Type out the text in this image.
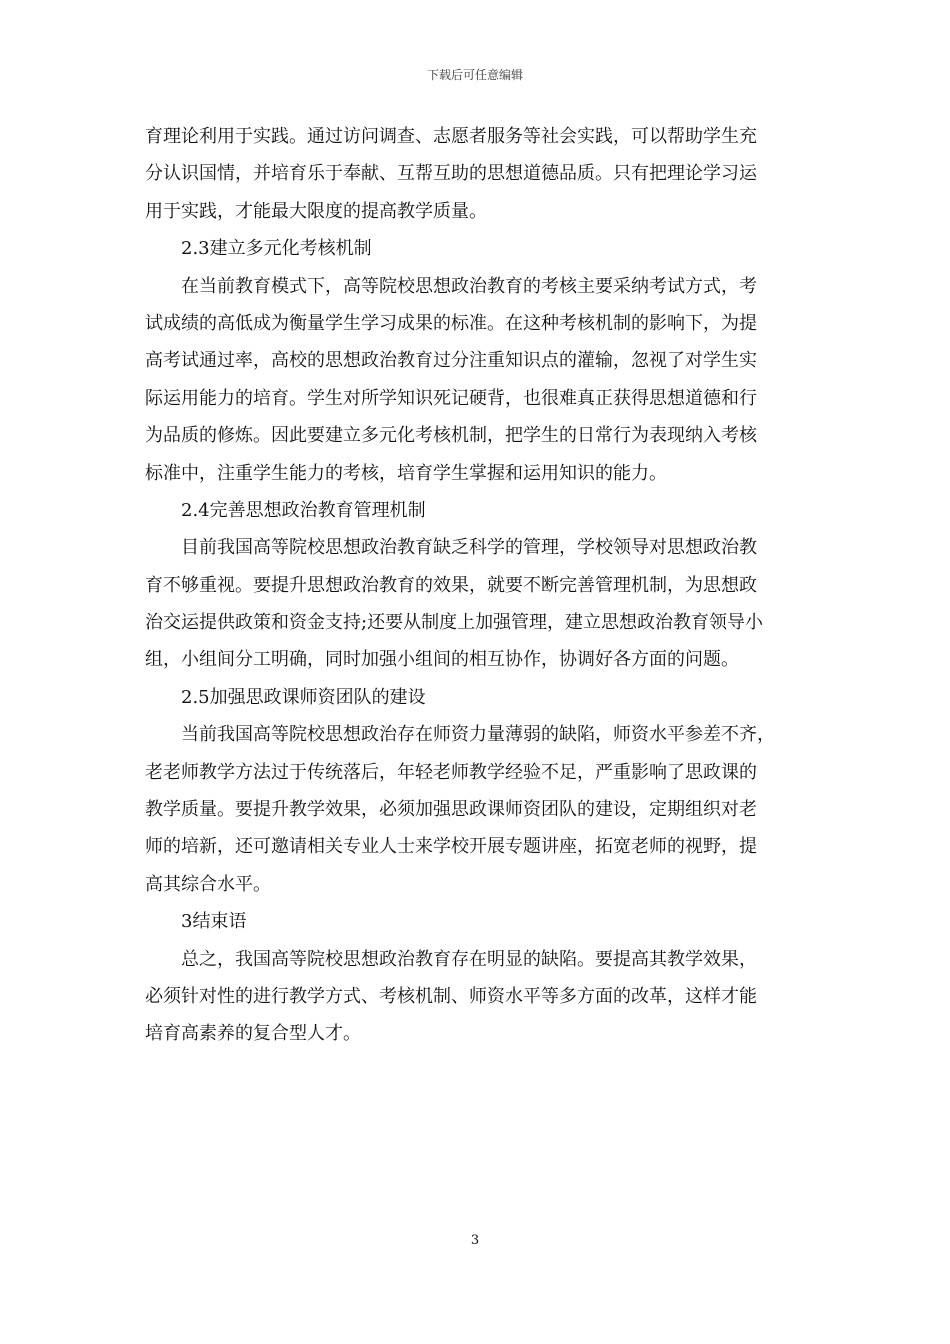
下载后可任意编辑
育理论利用于实践。通过访问调查、志愿者服务等社会实践，可以帮助学生充
分认识国情，并培育乐于奉献、互帮互助的思想道德品质。只有把理论学习运
用于实践，才能最大限度的提高教学质量。
2.3建立多元化考核机制
在当前教育模式下，高等院校思想政治教育的考核主要采纳考试方式，考
试成绩的高低成为衡量学生学习成果的标准。在这种考核机制的影响下，为提
高考试通过率，高校的思想政治教育过分注重知识点的灌输，忽视了对学生实
际运用能力的培育。学生对所学知识死记硬背，也很难真正获得思想道德和行
为品质的修炼。因此要建立多元化考核机制，把学生的日常行为表现纳入考核
标准中，注重学生能力的考核，培育学生掌握和运用知识的能力。
2.4完善思想政治教育管理机制
目前我国高等院校思想政治教育缺乏科学的管理，学校领导对思想政治教
育不够重视。要提升思想政治教育的效果，就要不断完善管理机制，为思想政
治交运提供政策和资金支持;还要从制度上加强管理，建立思想政治教育领导小
组，小组间分工明确，同时加强小组间的相互协作，协调好各方面的问题。
2.5加强思政课师资团队的建设
当前我国高等院校思想政治存在师资力量薄弱的缺陷，师资水平参差不齐，
老老师教学方法过于传统落后，年轻老师教学经验不足，严重影响了思政课的
教学质量。要提升教学效果，必须加强思政课师资团队的建设，定期组织对老
师的培新，还可邀请相关专业人士来学校开展专题讲座，拓宽老师的视野，提
高其综合水平。
3结束语
总之，我国高等院校思想政治教育存在明显的缺陷。要提高其教学效果，
必须针对性的进行教学方式、考核机制、师资水平等多方面的改革，这样才能
培育高素养的复合型人才。
3
